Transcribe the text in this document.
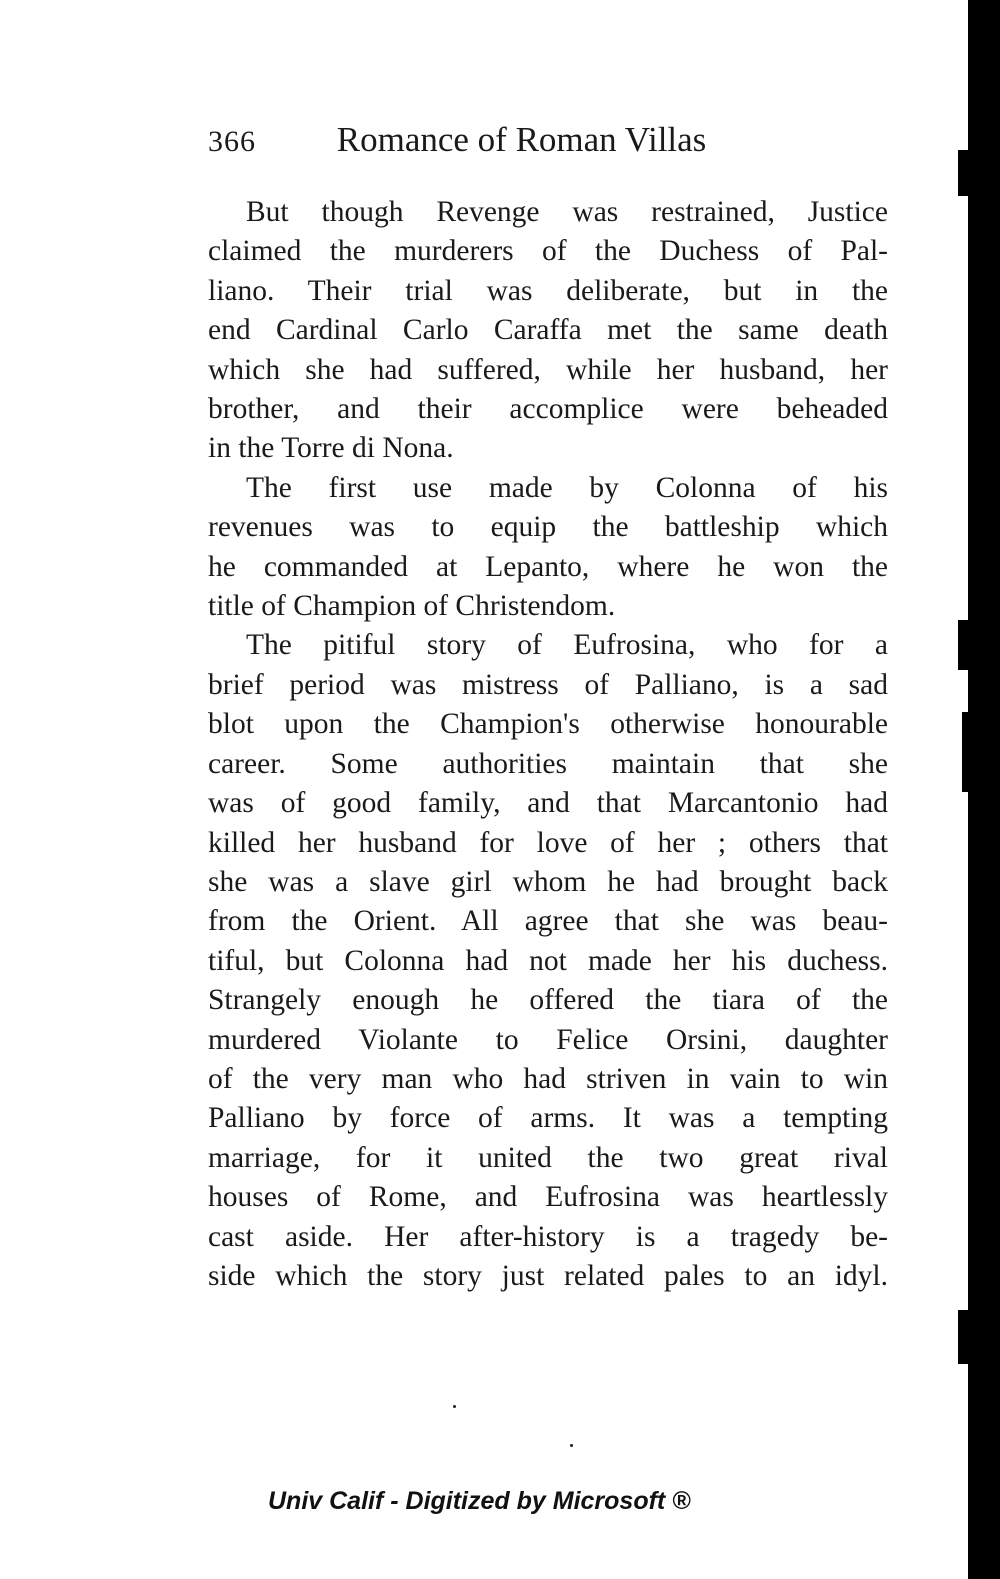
366 Romance of Roman Villas

But though Revenge was restrained, Justice
claimed the murderers of the Duchess of Pal-
liano. Their trial was deliberate, but in the
end Cardinal Carlo Caraffa met the same death
which she had suffered, while her husband, her
brother, and their accomplice were beheaded
in the Torre di Nona.

The first use made by Colonna of his
revenues was to equip the battleship which
he commanded at Lepanto, where he won the
title of Champion of Christendom.

The pitiful story of Eufrosina, who for a
brief period was mistress of Palliano, is a sad
blot upon the Champion's otherwise honourable
career. Some authorities maintain that she
was of good family, and that Marcantonio had
killed her husband for love of her ; others that
she was a slave girl whom he had brought back
from the Orient. All agree that she was beau-
tiful, but Colonna had not made her his duchess.
Strangely enough he offered the tiara of the
murdered Violante to Felice Orsini, daughter
of the very man who had striven in vain to win
Palliano by force of arms. It was a tempting
marriage, for it united the two great rival
houses of Rome, and Eufrosina was heartlessly
cast aside. Her after-history is a tragedy be-
side which the story just related pales to an idyl.

Univ Calif - Digitized by Microsoft ®
